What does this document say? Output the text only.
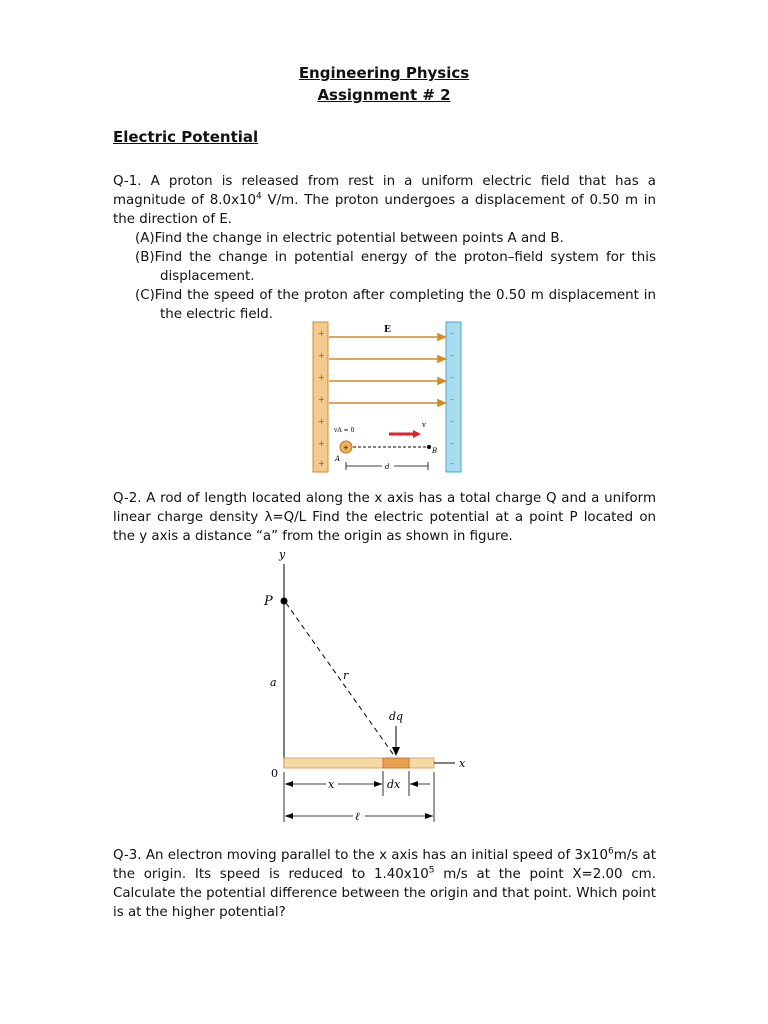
Engineering Physics
Assignment # 2
Electric Potential
Q-1. A proton is released from rest in a uniform electric field that has a magnitude of $8.0x10^4$ V/m. The proton undergoes a displacement of 0.50 m in the direction of E.
(A)Find the change in electric potential between points A and B.
(B)Find the change in potential energy of the proton–field system for this displacement.
(C)Find the speed of the proton after completing the 0.50 m displacement in the electric field.
+
+
+
+
+
+
+
–
–
–
–
–
–
–
E
vA = 0
v
+
A
B
d
Q-2. A rod of length located along the x axis has a total charge Q and a uniform linear charge density λ=Q/L Find the electric potential at a point P located on the y axis a distance “a” from the origin as shown in figure.
y
P
a
r
dq
x
0
x	dx
ℓ
Q-3. An electron moving parallel to the x axis has an initial speed of $3x10^6m/s$ at the origin. Its speed is reduced to $1.40x10^5$ m/s at the point X=2.00 cm. Calculate the potential difference between the origin and that point. Which point is at the higher potential?
